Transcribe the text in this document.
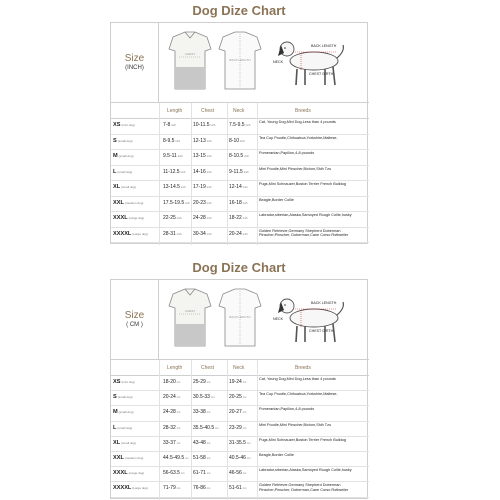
Dog Dize Chart
Size
(INCH)
CHEST
BACK LENGTH
BACK LENGTH
NECK
CHEST GIRTH
Length	Chest	Neck	Breeds
XS(mini dog)	7-8inch	10-11.5inch	7.5-9.5inch
Cat, Young Dog,Mini Dog,Less than 4 pounds
S(small dog)	8-9.5inch	12-13inch	8-10inch
Tea Cup Poodle,Chihuahua,Yorkshire,Maltese,
M(small dog)	9.5-11inch 13-15inch	8-10.5inch
Pomeranian,Papillon,4-8 pounds
L(small dog)	11-12.5inch 14-16inch	9-11.5inch
Mini Poodle,Mini Pinscher,Bichon,Shih Tzu
XL(small dog)	13-14.5inch 17-19inch	12-14inch
Pugs,Mini Schnauzer,Boston Terrier French Bulldog
XXL(medium dog)	17.5-19.5inch 20-23inch	16-18inch
Beagle,Border Collie
XXXL(Large dog)	22-25inch 24-28inch	18-22inch
Labrador,siberian,Alaska,Samoyed Rough Collie,husky
XXXXL(Large dog)	28-31inch 30-34inch	20-24inch
Golden Retriever,Germany Shepherd Doberman Pinscher,Pinscher, Doberman,Cane Corso Rottweiler
Dog Dize Chart
Size
( CM )
CHEST
BACK LENGTH
BACK LENGTH
NECK
CHEST GIRTH
Length	Chest	Neck	Breeds
XS(mini dog)	18-20cm	25-29cm	19-24cm
Cat, Young Dog,Mini Dog,Less than 4 pounds
S(small dog)	20-24cm	30.5-33cm	20-25cm
Tea Cup Poodle,Chihuahua,Yorkshire,Maltese,
M(small dog)	24-28cm	33-38cm	20-27cm
Pomeranian,Papillon,4-8 pounds
L(small dog)	28-32cm	35.5-40.5cm 23-29cm
Mini Poodle,Mini Pinscher,Bichon,Shih Tzu
XL(small dog)	33-37cm	43-48cm	31-35.5cm
Pugs,Mini Schnauzer,Boston Terrier French Bulldog
XXL(medium dog)	44.5-49.5cm 51-58cm	40.5-46cm
Beagle,Border Collie
XXXL(Large dog)	56-63.5cm 61-71cm	46-56cm
Labrador,siberian,Alaska,Samoyed Rough Collie,husky
XXXXL(Large dog)	71-79cm	76-86cm	51-61cm
Golden Retriever,Germany Shepherd Doberman Pinscher,Pinscher, Doberman,Cane Corso Rottweiler
